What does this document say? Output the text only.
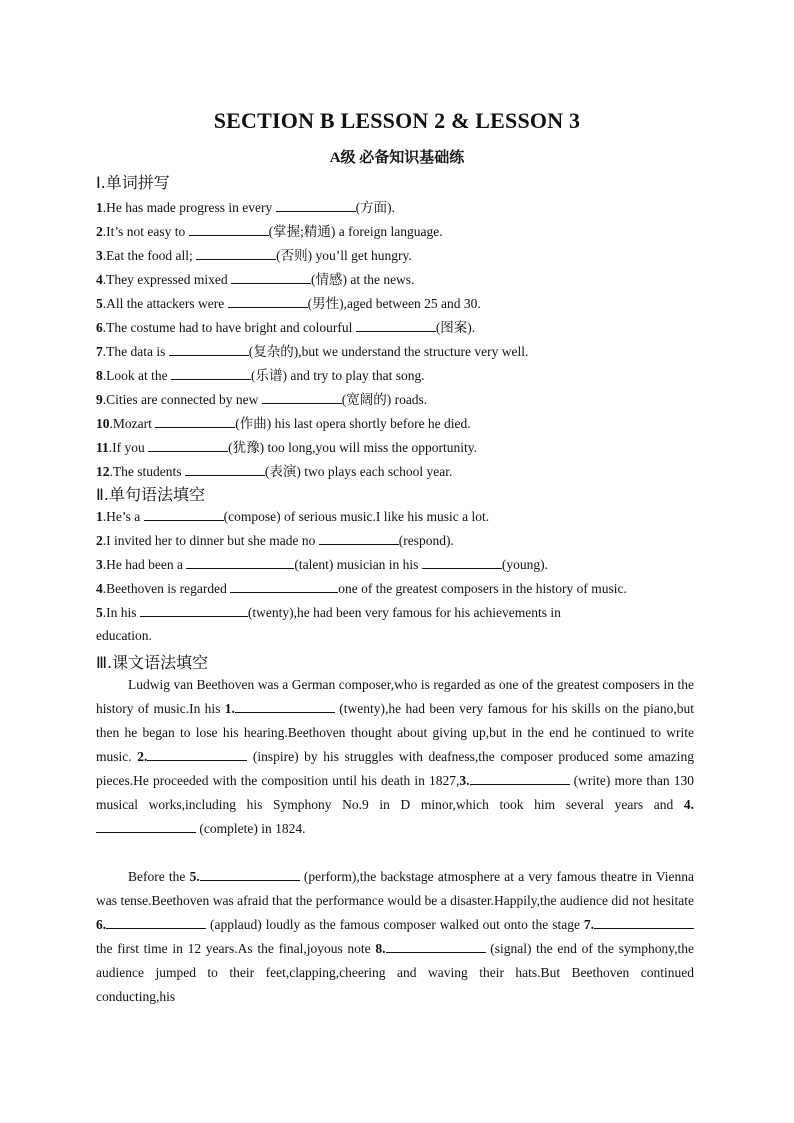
SECTION B LESSON 2 & LESSON 3
A级 必备知识基础练
Ⅰ.单词拼写
1.He has made progress in every	(方面).
2.It’s not easy to	(掌握;精通) a foreign language.
3.Eat the food all;	(否则) you’ll get hungry.
4.They expressed mixed	(情感) at the news.
5.All the attackers were	(男性),aged between 25 and 30.
6.The costume had to have bright and colourful	(图案).
7.The data is	(复杂的),but we understand the structure very well.
8.Look at the	(乐谱) and try to play that song.
9.Cities are connected by new	(宽阔的) roads.
10.Mozart	(作曲) his last opera shortly before he died.
11.If you	(犹豫) too long,you will miss the opportunity.
12.The students	(表演) two plays each school year.
Ⅱ.单句语法填空
1.He’s a	(compose) of serious music.I like his music a lot.
2.I invited her to dinner but she made no	(respond).
3.He had been a	(talent) musician in his	(young).
4.Beethoven is regarded	one of the greatest composers in the history of music.
5.In his	(twenty),he had been very famous for his achievements in
education.
Ⅲ.课文语法填空
Ludwig van Beethoven was a German composer,who is regarded as one of the greatest composers in the history of music.In his 1.	(twenty),he had been very famous for his skills on the piano,but then he began to lose his hearing.Beethoven thought about giving up,but in the end he continued to write music. 2.	(inspire) by his struggles with deafness,the composer produced some amazing pieces.He proceeded with the composition until his death in 1827,3.	(write) more than 130 musical works,including his Symphony No.9 in D minor,which took him several years and 4. (complete) in 1824.
Before the 5.	(perform),the backstage atmosphere at a very famous theatre in Vienna was tense.Beethoven was afraid that the performance would be a disaster.Happily,the audience did not hesitate 6.	(applaud) loudly as the famous composer walked out onto the stage 7. the first time in 12 years.As the final,joyous note 8.	(signal) the end of the symphony,the audience jumped to their feet,clapping,cheering and waving their hats.But Beethoven continued conducting,his
